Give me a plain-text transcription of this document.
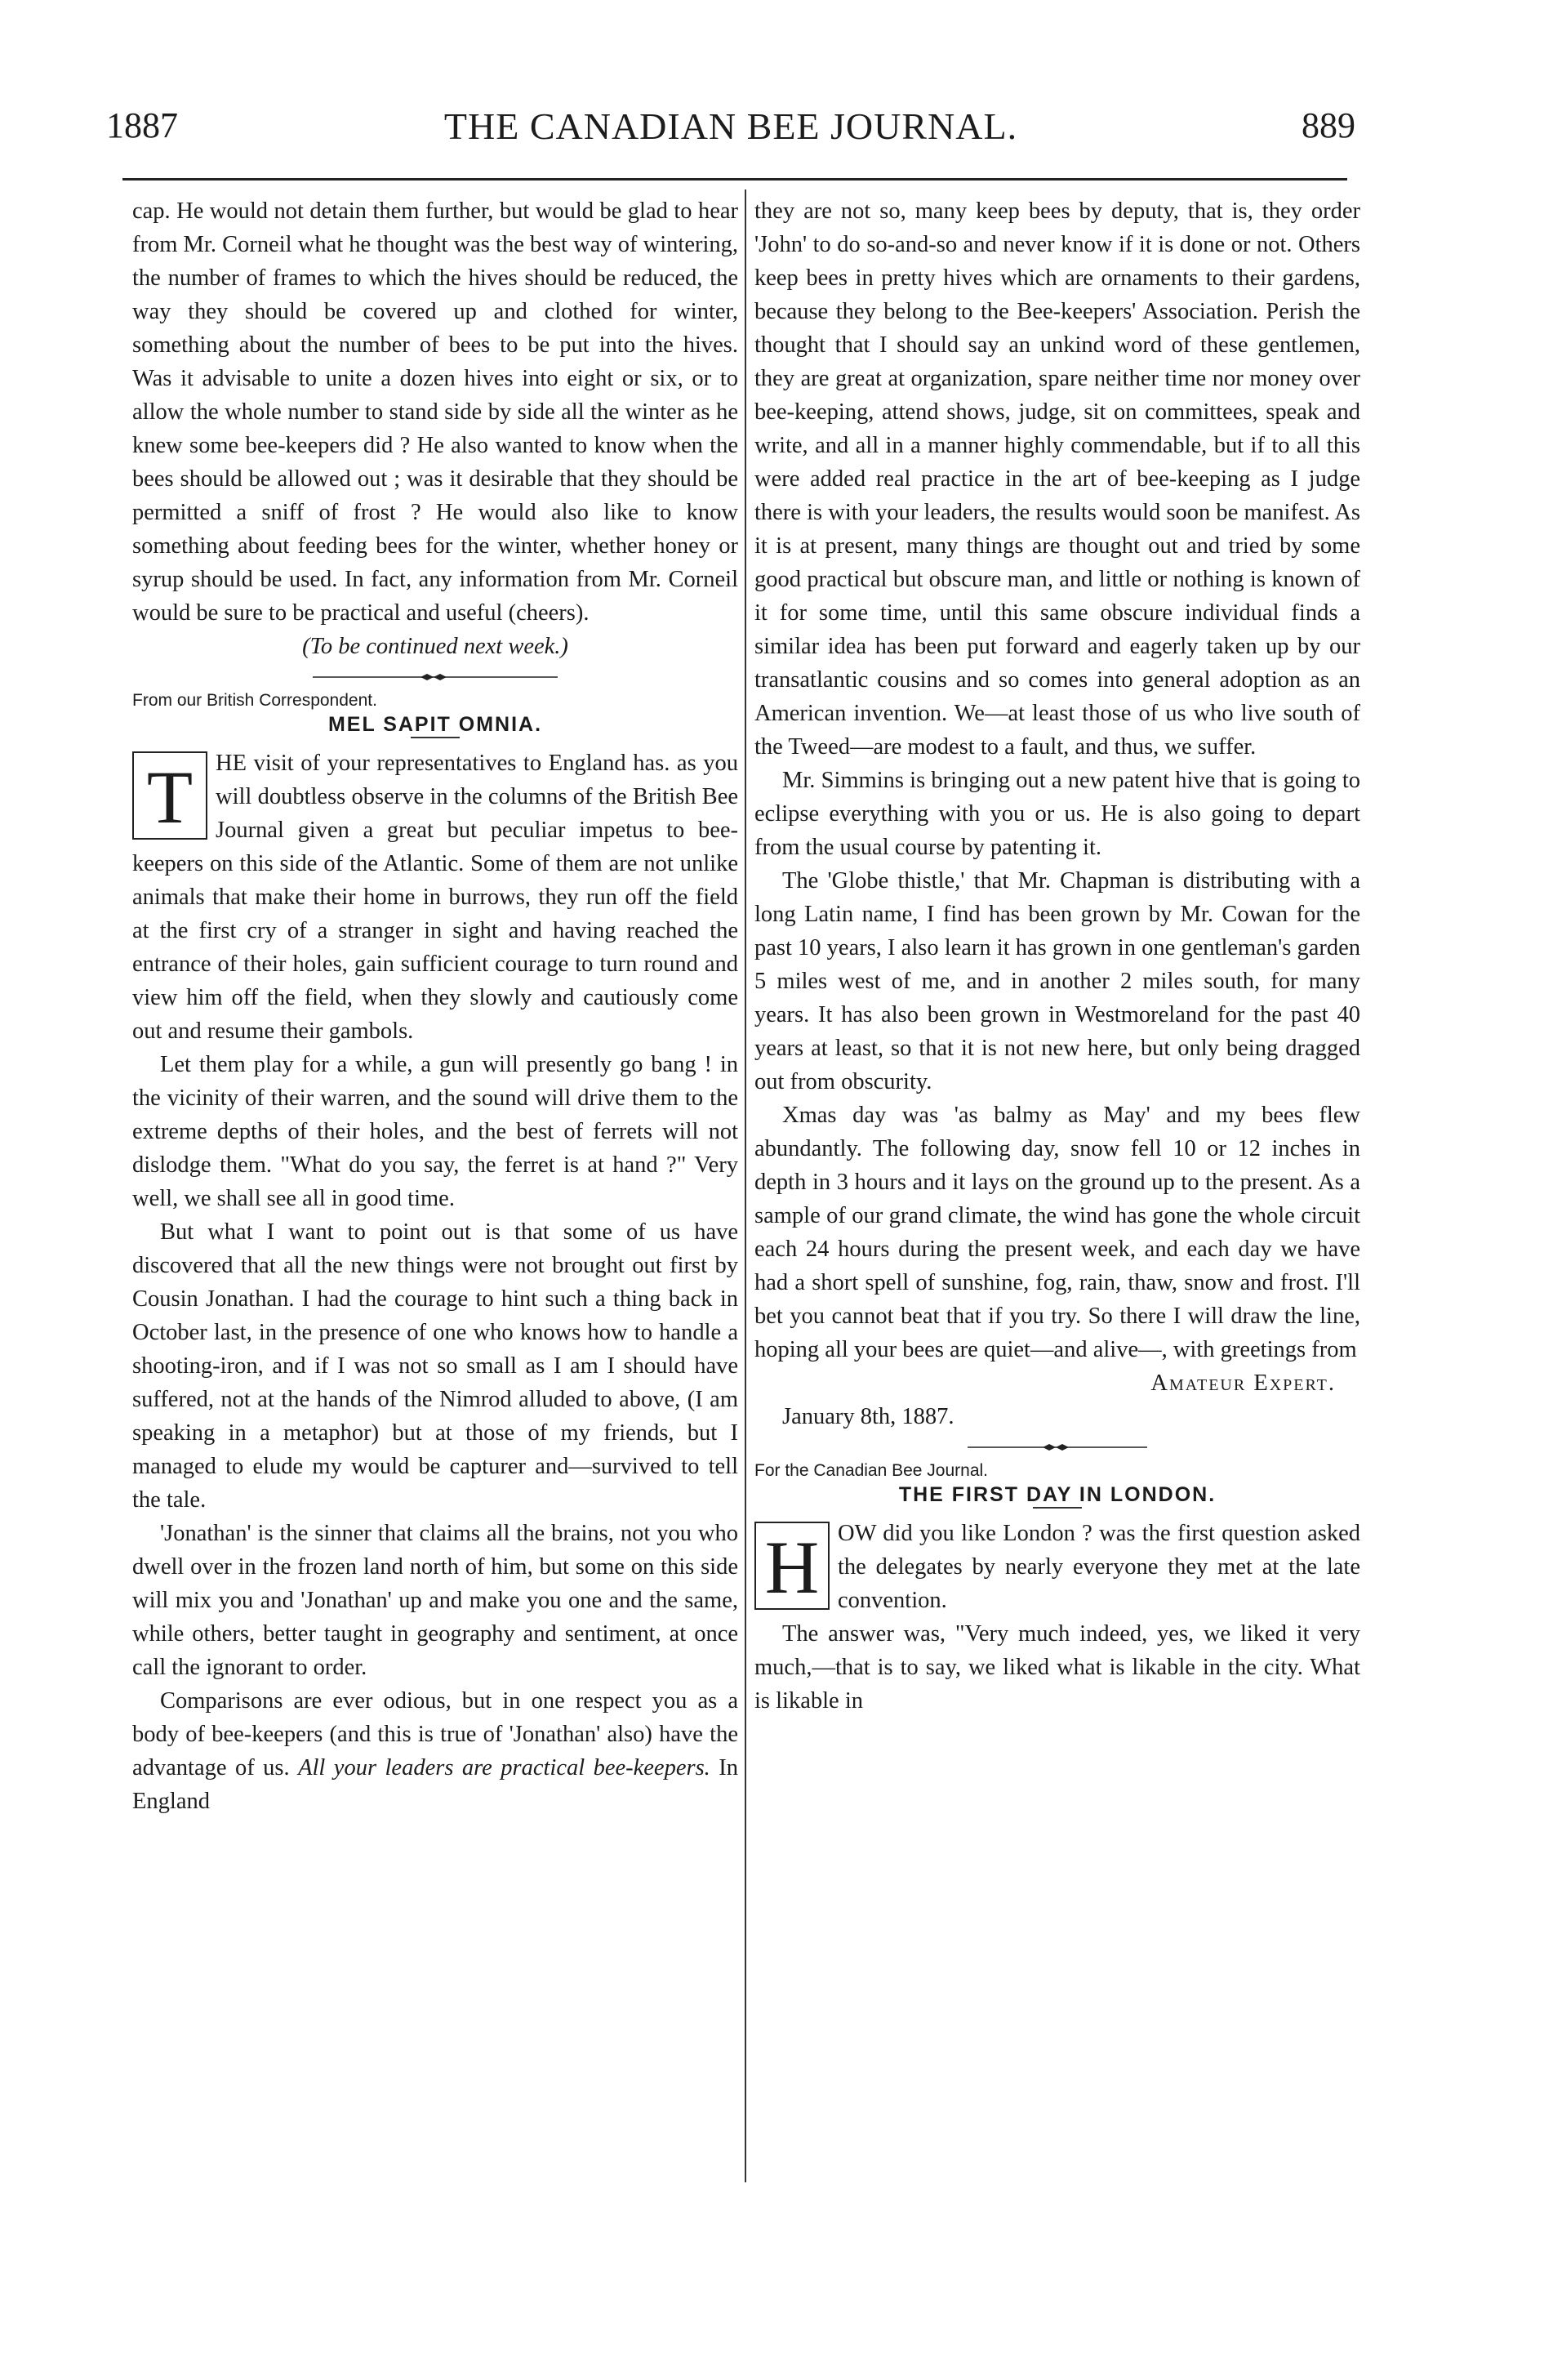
1887	THE CANADIAN BEE JOURNAL.	889

cap. He would not detain them further, but would be glad to hear from Mr. Corneil what he thought was the best way of wintering, the number of frames to which the hives should be reduced, the way they should be covered up and clothed for winter, something about the number of bees to be put into the hives. Was it advisable to unite a dozen hives into eight or six, or to allow the whole number to stand side by side all the winter as he knew some bee-keepers did ? He also wanted to know when the bees should be allowed out ; was it desirable that they should be permitted a sniff of frost ? He would also like to know something about feeding bees for the winter, whether honey or syrup should be used. In fact, any information from Mr. Corneil would be sure to be practical and useful (cheers).

(To be continued next week.)

From our British Correspondent.

MEL SAPIT OMNIA.

T HE visit of your representatives to England has. as you will doubtless observe in the columns of the British Bee Journal given a great but peculiar impetus to bee-keepers on this side of the Atlantic. Some of them are not unlike animals that make their home in burrows, they run off the field at the first cry of a stranger in sight and having reached the entrance of their holes, gain sufficient courage to turn round and view him off the field, when they slowly and cautiously come out and resume their gambols.

Let them play for a while, a gun will presently go bang ! in the vicinity of their warren, and the sound will drive them to the extreme depths of their holes, and the best of ferrets will not dislodge them. "What do you say, the ferret is at hand ?" Very well, we shall see all in good time.

But what I want to point out is that some of us have discovered that all the new things were not brought out first by Cousin Jonathan. I had the courage to hint such a thing back in October last, in the presence of one who knows how to handle a shooting-iron, and if I was not so small as I am I should have suffered, not at the hands of the Nimrod alluded to above, (I am speaking in a metaphor) but at those of my friends, but I managed to elude my would be capturer and—survived to tell the tale.

'Jonathan' is the sinner that claims all the brains, not you who dwell over in the frozen land north of him, but some on this side will mix you and 'Jonathan' up and make you one and the same, while others, better taught in geography and sentiment, at once call the ignorant to order.

Comparisons are ever odious, but in one respect you as a body of bee-keepers (and this is true of 'Jonathan' also) have the advantage of us. All your leaders are practical bee-keepers. In England

they are not so, many keep bees by deputy, that is, they order 'John' to do so-and-so and never know if it is done or not. Others keep bees in pretty hives which are ornaments to their gardens, because they belong to the Bee-keepers' Association. Perish the thought that I should say an unkind word of these gentlemen, they are great at organization, spare neither time nor money over bee-keeping, attend shows, judge, sit on committees, speak and write, and all in a manner highly commendable, but if to all this were added real practice in the art of bee-keeping as I judge there is with your leaders, the results would soon be manifest. As it is at present, many things are thought out and tried by some good practical but obscure man, and little or nothing is known of it for some time, until this same obscure individual finds a similar idea has been put forward and eagerly taken up by our transatlantic cousins and so comes into general adoption as an American invention. We—at least those of us who live south of the Tweed—are modest to a fault, and thus, we suffer.

Mr. Simmins is bringing out a new patent hive that is going to eclipse everything with you or us. He is also going to depart from the usual course by patenting it.

The 'Globe thistle,' that Mr. Chapman is distributing with a long Latin name, I find has been grown by Mr. Cowan for the past 10 years, I also learn it has grown in one gentleman's garden 5 miles west of me, and in another 2 miles south, for many years. It has also been grown in Westmoreland for the past 40 years at least, so that it is not new here, but only being dragged out from obscurity.

Xmas day was 'as balmy as May' and my bees flew abundantly. The following day, snow fell 10 or 12 inches in depth in 3 hours and it lays on the ground up to the present. As a sample of our grand climate, the wind has gone the whole circuit each 24 hours during the present week, and each day we have had a short spell of sunshine, fog, rain, thaw, snow and frost. I'll bet you cannot beat that if you try. So there I will draw the line, hoping all your bees are quiet—and alive—, with greetings from

Amateur Expert.

January 8th, 1887.

For the Canadian Bee Journal.

THE FIRST DAY IN LONDON.

H OW did you like London ? was the first question asked the delegates by nearly everyone they met at the late convention.

The answer was, "Very much indeed, yes, we liked it very much,—that is to say, we liked what is likable in the city. What is likable in
